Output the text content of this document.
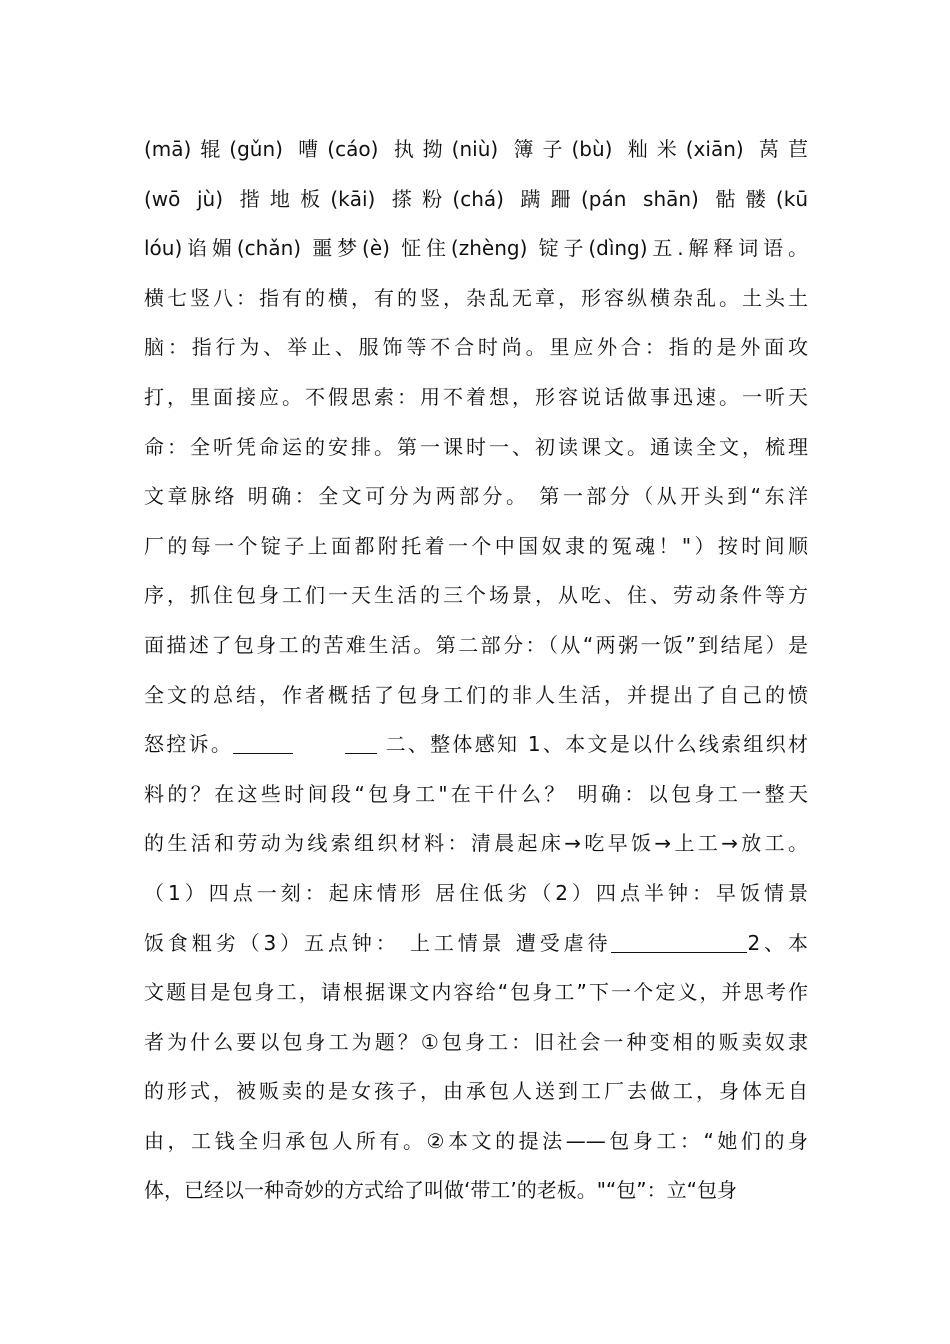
(mā)辊(gǔn) 嘈(cáo) 执拗(niù) 簿子(bù) 籼米(xiān) 莴苣
(wō jù) 揩地板(kāi) 搽粉(chá) 蹒跚(pán shān) 骷髅(kū
lóu)谄媚(chǎn) 噩梦(è) 怔住(zhèng) 锭子(dìng)五.解释词语。
横七竖八：指有的横，有的竖，杂乱无章，形容纵横杂乱。土头土
脑：指行为、举止、服饰等不合时尚。里应外合：指的是外面攻
打，里面接应。不假思索：用不着想，形容说话做事迅速。一听天
命：全听凭命运的安排。第一课时一、初读课文。通读全文，梳理
文章脉络 明确：全文可分为两部分。 第一部分（从开头到“东洋
厂的每一个锭子上面都附托着一个中国奴隶的冤魂！"）按时间顺
序，抓住包身工们一天生活的三个场景，从吃、住、劳动条件等方
面描述了包身工的苦难生活。第二部分：（从“两粥一饭”到结尾）是
全文的总结，作者概括了包身工们的非人生活，并提出了自己的愤
怒控诉。	二、整体感知 1、本文是以什么线索组织材
料的？在这些时间段“包身工"在干什么？ 明确：以包身工一整天
的生活和劳动为线索组织材料：清晨起床→吃早饭→上工→放工。
（1）四点一刻：起床情形 居住低劣（2）四点半钟：早饭情景
饭食粗劣（3）五点钟： 上工情景 遭受虐待	2、本
文题目是包身工，请根据课文内容给“包身工”下一个定义，并思考作
者为什么要以包身工为题？①包身工：旧社会一种变相的贩卖奴隶
的形式，被贩卖的是女孩子，由承包人送到工厂去做工，身体无自
由，工钱全归承包人所有。②本文的提法——包身工：“她们的身
体，已经以一种奇妙的方式给了叫做‘带工’的老板。"“包”：立“包身
